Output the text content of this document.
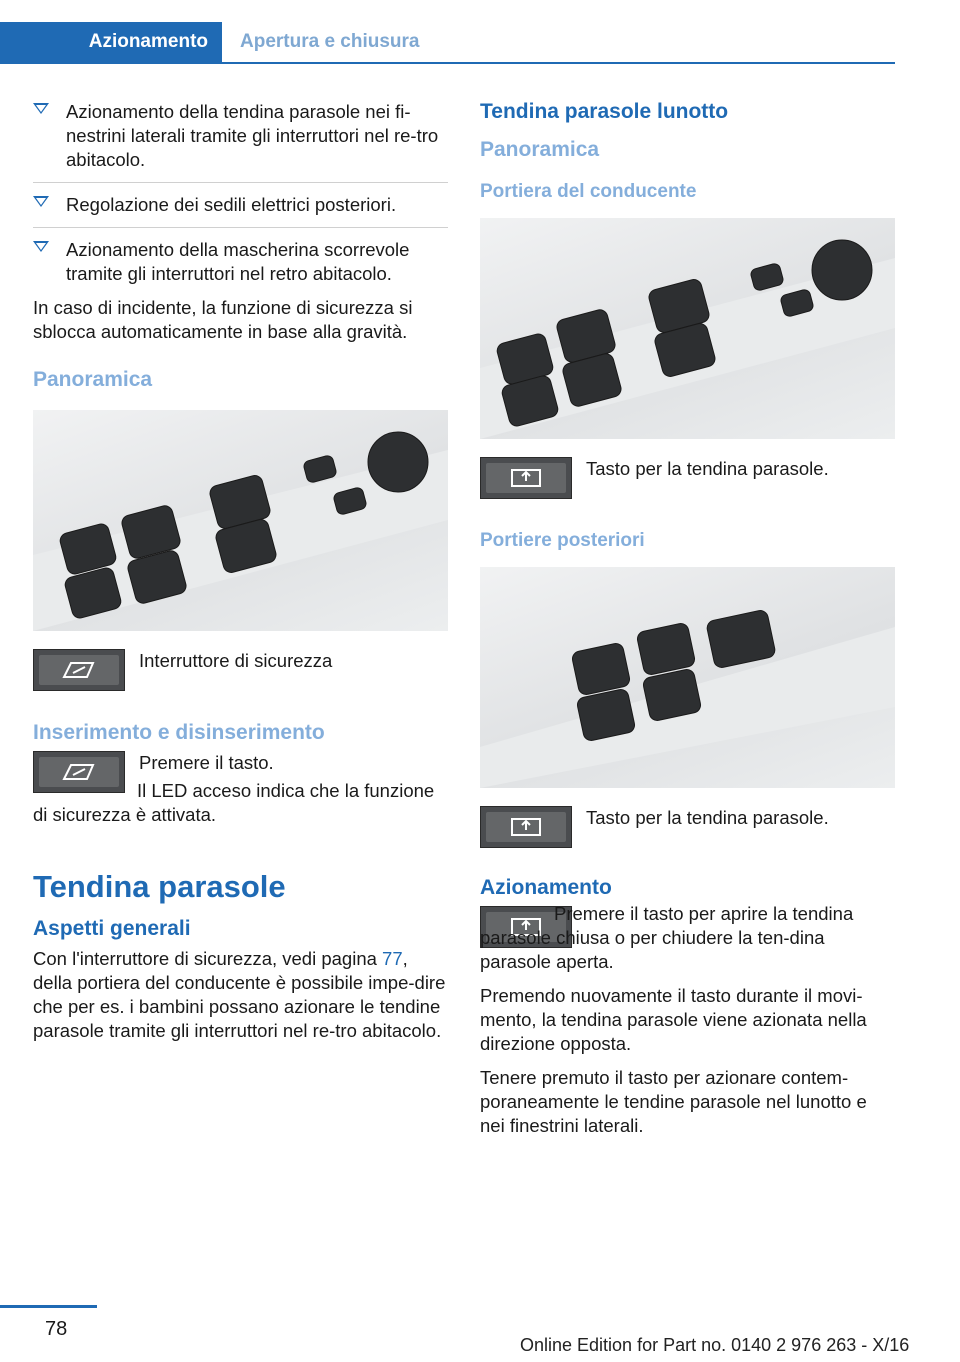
Azionamento	Apertura e chiusura
Azionamento della tendina parasole nei fi-nestrini laterali tramite gli interruttori nel re-tro abitacolo.
Regolazione dei sedili elettrici posteriori.
Azionamento della mascherina scorrevole tramite gli interruttori nel retro abitacolo.

In caso di incidente, la funzione di sicurezza si sblocca automaticamente in base alla gravità.

Panoramica
Interruttore di sicurezza
Inserimento e disinserimento

Premere il tasto.

Il LED acceso indica che la funzione di sicurezza è attivata.

Tendina parasole
Aspetti generali

Con l'interruttore di sicurezza, vedi pagina 77, della portiera del conducente è possibile impe-dire che per es. i bambini possano azionare le tendine parasole tramite gli interruttori nel re-tro abitacolo.

Tendina parasole lunotto
Panoramica
Portiera del conducente
Tasto per la tendina parasole.
Portiere posteriori
Tasto per la tendina parasole.
Azionamento

Premere il tasto per aprire la tendina parasole chiusa o per chiudere la ten-dina parasole aperta.

Premendo nuovamente il tasto durante il movi-mento, la tendina parasole viene azionata nella direzione opposta.

Tenere premuto il tasto per azionare contem-poraneamente le tendine parasole nel lunotto e nei finestrini laterali.

78
Online Edition for Part no. 0140 2 976 263 - X/16
